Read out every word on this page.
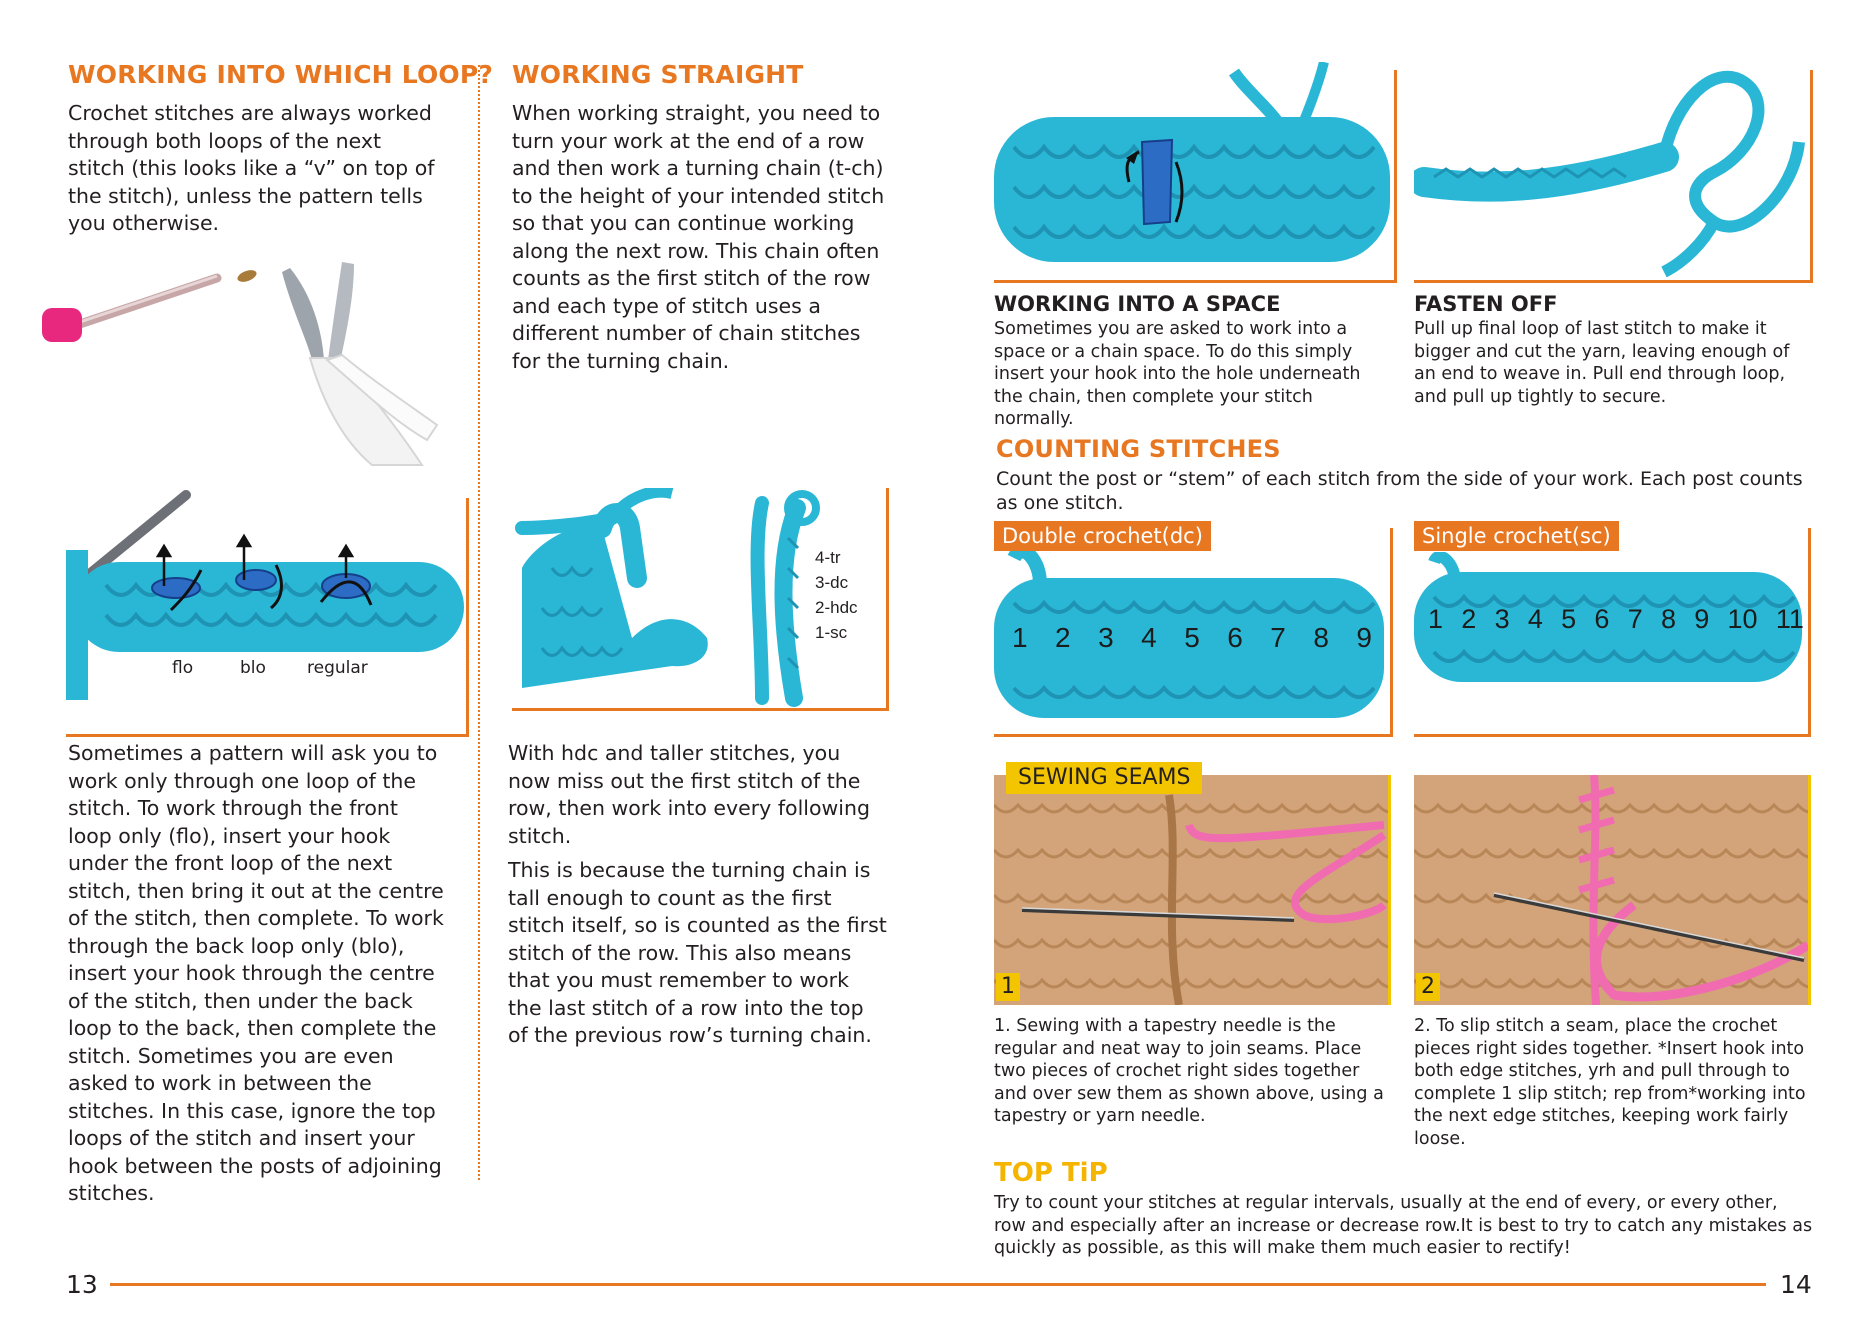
WORKING INTO WHICH LOOP?
Crochet stitches are always worked through both loops of the next stitch (this looks like a “v” on top of the stitch), unless the pattern tells you otherwise.
flo	blo regular
Sometimes a pattern will ask you to work only through one loop of the stitch. To work through the front loop only (flo), insert your hook under the front loop of the next stitch, then bring it out at the centre of the stitch, then complete. To work through the back loop only (blo), insert your hook through the centre of the stitch, then under the back loop to the back, then complete the stitch. Sometimes you are even asked to work in between the stitches. In this case, ignore the top loops of the stitch and insert your hook between the posts of adjoining stitches.
WORKING STRAIGHT
When working straight, you need to turn your work at the end of a row and then work a turning chain (t-ch) to the height of your intended stitch so that you can continue working along the next row. This chain often counts as the first stitch of the row and each type of stitch uses a different number of chain stitches for the turning chain.
4-tr
3-dc
2-hdc
1-sc
With hdc and taller stitches, you now miss out the first stitch of the row, then work into every following stitch.
This is because the turning chain is tall enough to count as the first stitch itself, so is counted as the first stitch of the row. This also means that you must remember to work the last stitch of a row into the top of the previous row’s turning chain.
13
WORKING INTO A SPACE
Sometimes you are asked to work into a space or a chain space. To do this simply insert your hook into the hole underneath the chain, then complete your stitch normally.
FASTEN OFF
Pull up final loop of last stitch to make it bigger and cut the yarn, leaving enough of an end to weave in. Pull end through loop, and pull up tightly to secure.
COUNTING STITCHES
Count the post or “stem” of each stitch from the side of your work. Each post counts as one stitch.
Double crochet(dc)
1 2 3 4 5 6 7 8 9
Single crochet(sc)
1 2 3 4 5 6 7 8 9 10 11
SEWING SEAMS
1	2
1. Sewing with a tapestry needle is the regular and neat way to join seams. Place two pieces of crochet right sides together and over sew them as shown above, using a tapestry or yarn needle.
2. To slip stitch a seam, place the crochet pieces right sides together. *Insert hook into both edge stitches, yrh and pull through to complete 1 slip stitch; rep from*working into the next edge stitches, keeping work fairly loose.
TOP TiP
Try to count your stitches at regular intervals, usually at the end of every, or every other, row and especially after an increase or decrease row.It is best to try to catch any mistakes as quickly as possible, as this will make them much easier to rectify!
14
